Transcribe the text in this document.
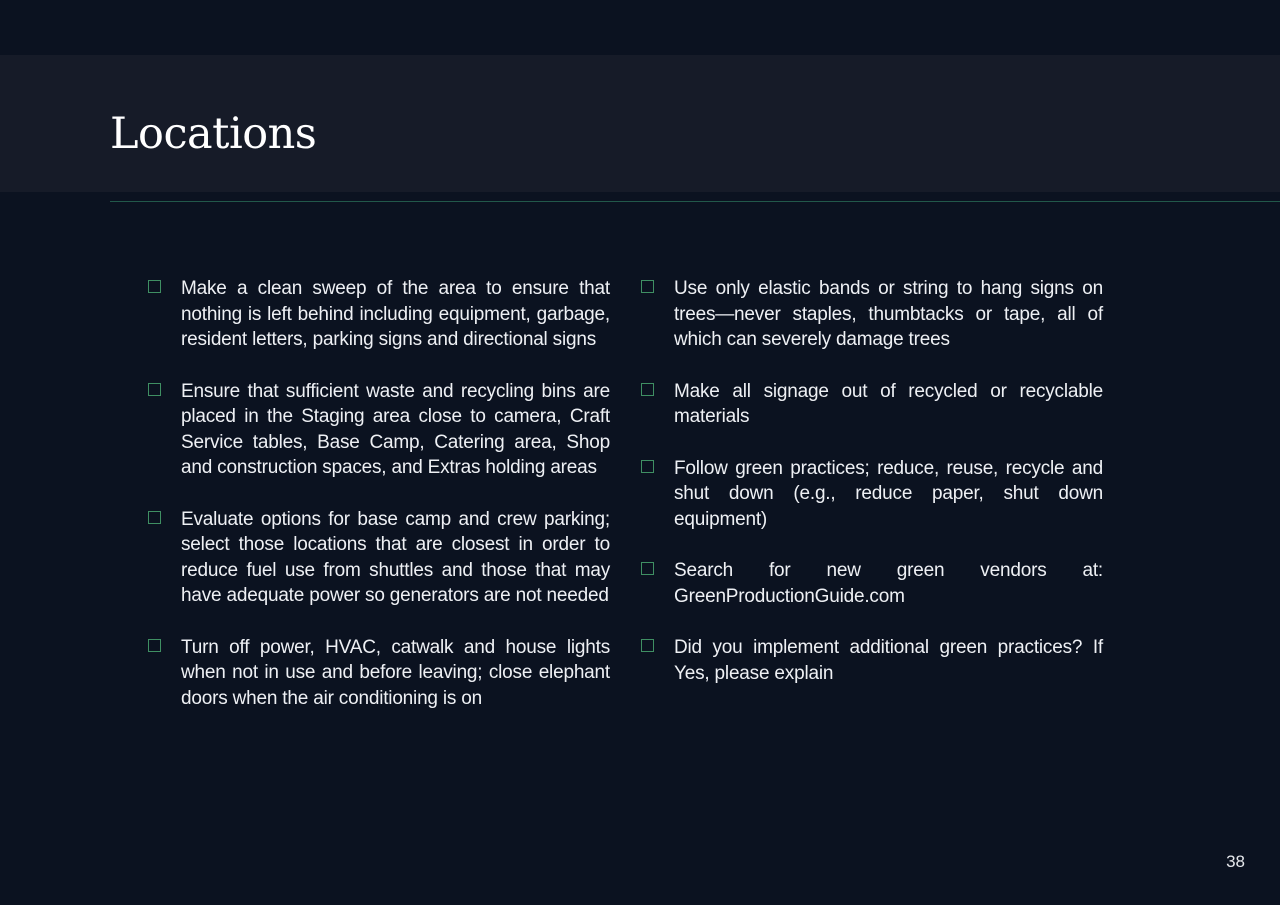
Locations
Make a clean sweep of the area to ensure that nothing is left behind including equipment, garbage, resident letters, parking signs and directional signs
Ensure that sufficient waste and recycling bins are placed in the Staging area close to camera, Craft Service tables, Base Camp, Catering area, Shop and construction spaces, and Extras holding areas
Evaluate options for base camp and crew parking; select those locations that are closest in order to reduce fuel use from shuttles and those that may have adequate power so generators are not needed
Turn off power, HVAC, catwalk and house lights when not in use and before leaving; close elephant doors when the air conditioning is on
Use only elastic bands or string to hang signs on trees—never staples, thumbtacks or tape, all of which can severely damage trees
Make all signage out of recycled or recyclable materials
Follow green practices; reduce, reuse, recycle and shut down (e.g., reduce paper, shut down equipment)
Search for new green vendors at: GreenProductionGuide.com
Did you implement additional green practices? If Yes, please explain
38
